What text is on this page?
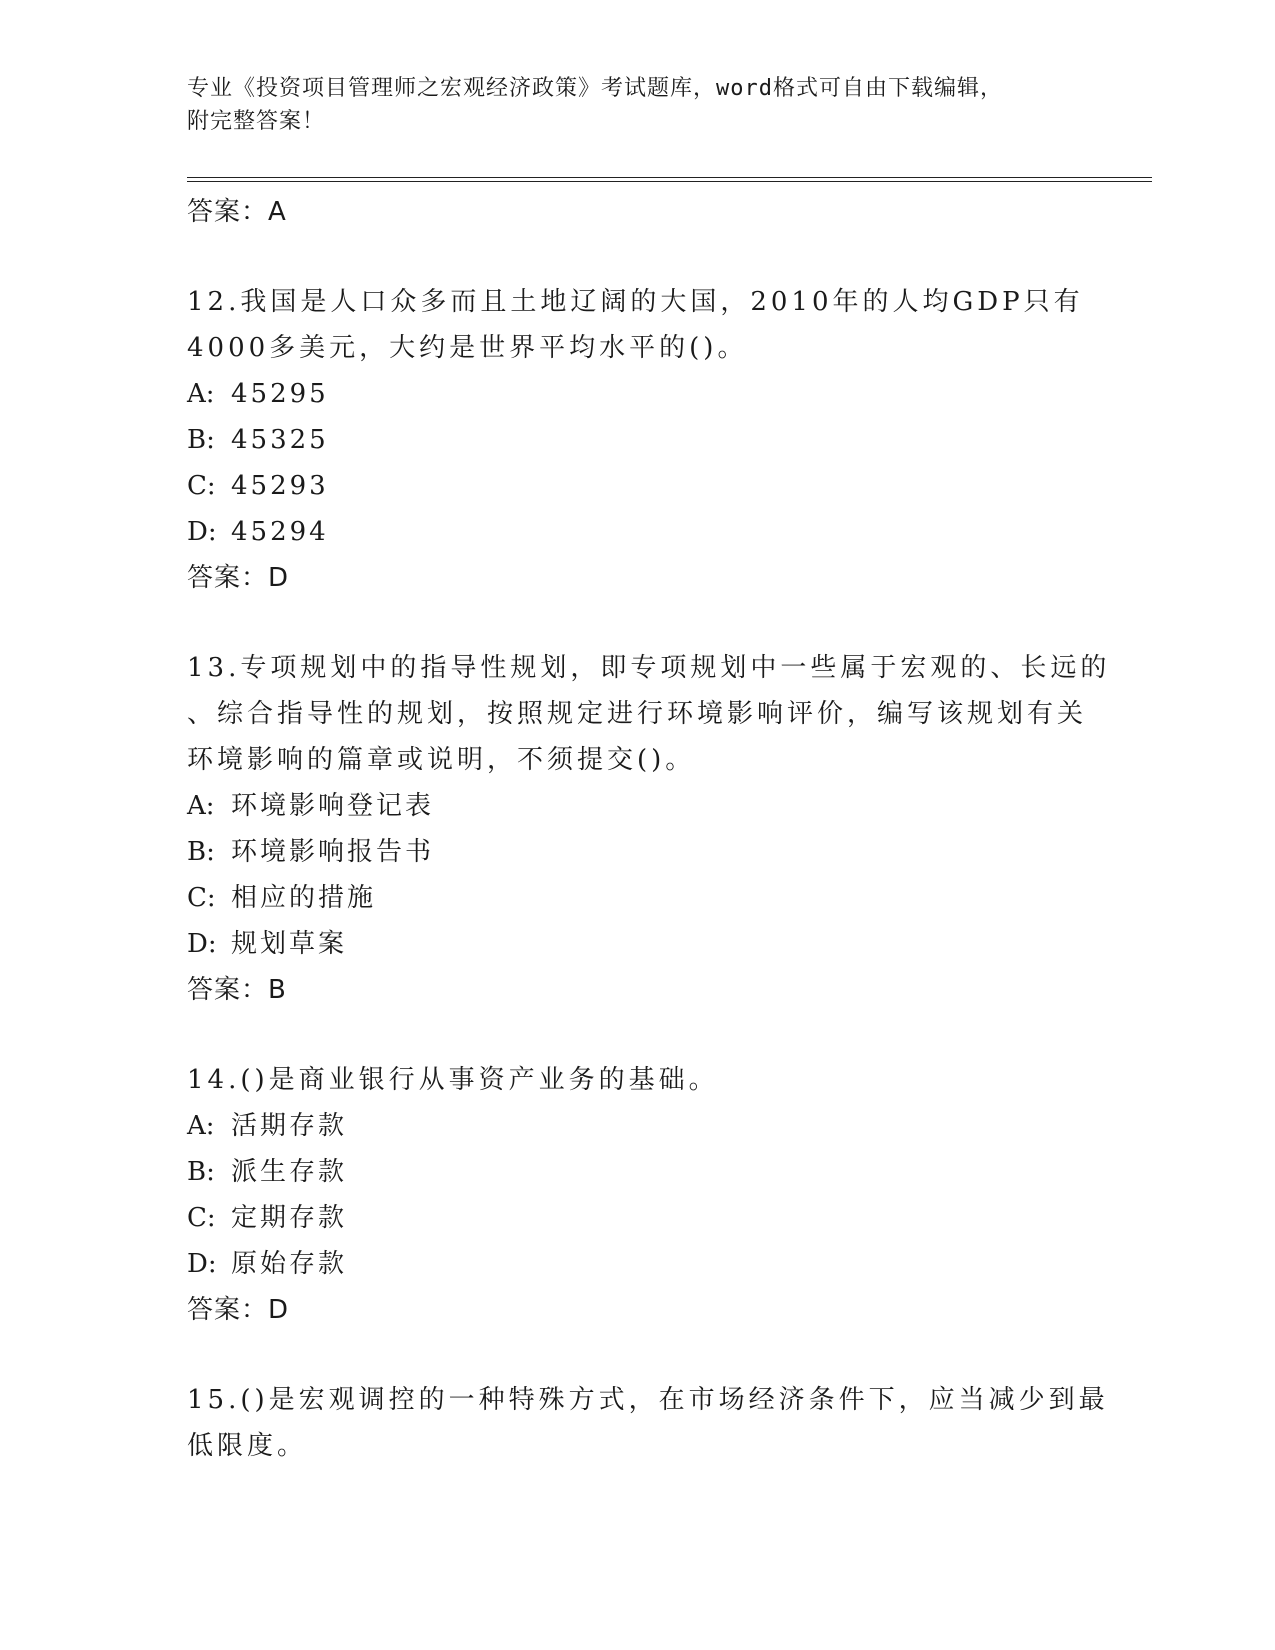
专业《投资项目管理师之宏观经济政策》考试题库，word格式可自由下载编辑，
附完整答案！
答案：A
12.我国是人口众多而且土地辽阔的大国，2010年的人均GDP只有
4000多美元，大约是世界平均水平的()。
A: 45295
B: 45325
C: 45293
D: 45294
答案：D
13.专项规划中的指导性规划，即专项规划中一些属于宏观的、长远的
、综合指导性的规划，按照规定进行环境影响评价，编写该规划有关
环境影响的篇章或说明，不须提交()。
A: 环境影响登记表
B: 环境影响报告书
C: 相应的措施
D: 规划草案
答案：B
14.()是商业银行从事资产业务的基础。
A: 活期存款
B: 派生存款
C: 定期存款
D: 原始存款
答案：D
15.()是宏观调控的一种特殊方式，在市场经济条件下，应当减少到最
低限度。
